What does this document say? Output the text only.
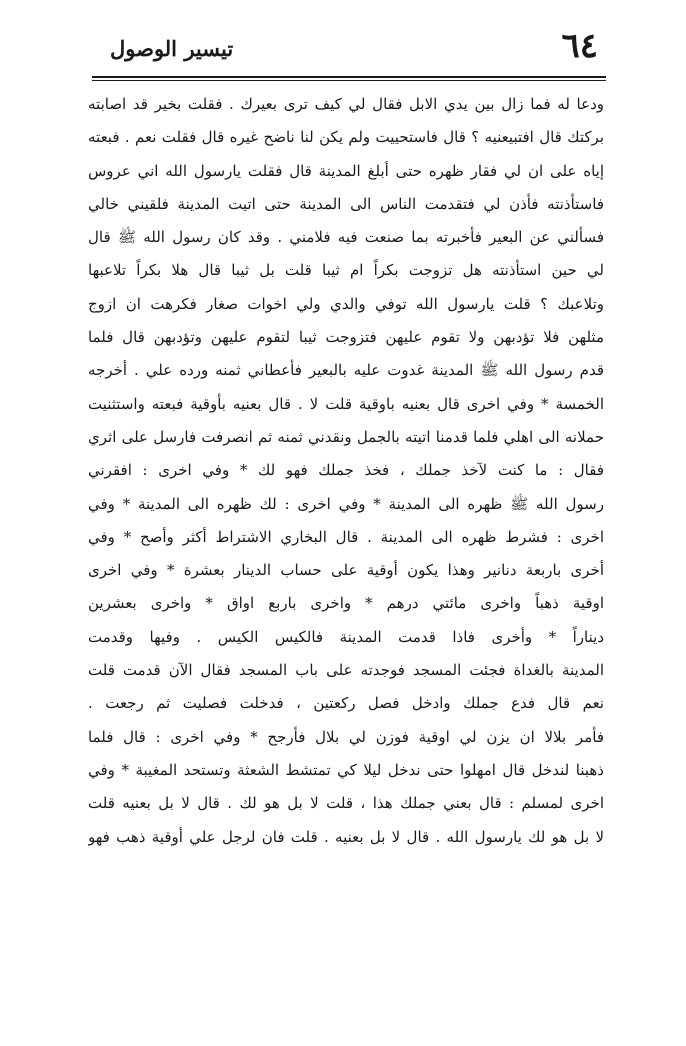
تيسير الوصول	٦٤
ودعا له فما زال بين يدي الابل فقال لي كيف ترى بعيرك . فقلت بخير قد اصابته
بركتك قال افتبيعنيه ؟ قال فاستحييت ولم يكن لنا ناضح غيره قال فقلت نعم . فبعته
إياه على ان لي فقار ظهره حتى أبلغ المدينة قال فقلت يارسول الله اني عروس
فاستأذنته فأذن لي فتقدمت الناس الى المدينة حتى اتيت المدينة فلقيني خالي
فسألني عن البعير فأخبرته بما صنعت فيه فلامني . وقد كان رسول الله ﷺ قال
لي حين استأذنته هل تزوجت بكراً ام ثيبا قلت بل ثيبا قال هلا بكراً تلاعبها
وتلاعبك ؟ قلت يارسول الله توفي والدي ولي اخوات صغار فكرهت ان ازوج
مثلهن فلا تؤدبهن ولا تقوم عليهن فتزوجت ثيبا لتقوم عليهن وتؤدبهن قال فلما
قدم رسول الله ﷺ المدينة غدوت عليه بالبعير فأعطاني ثمنه ورده علي . أخرجه
الخمسة * وفي اخرى قال بعنيه باوقية قلت لا . قال بعنيه بأوقية فبعته واستثنيت
حملانه الى اهلي فلما قدمنا اتيته بالجمل ونقدني ثمنه ثم انصرفت فارسل على اثري
فقال : ما كنت لآخذ جملك ، فخذ جملك فهو لك * وفي اخرى : افقرني
رسول الله ﷺ ظهره الى المدينة * وفي اخرى : لك ظهره الى المدينة * وفي
اخرى : فشرط ظهره الى المدينة . قال البخاري الاشتراط أكثر وأصح * وفي
أخرى باربعة دنانير وهذا يكون أوقية على حساب الدينار بعشرة * وفي اخرى
اوقية ذهباً واخرى مائتي درهم * واخرى باربع اواق * واخرى بعشرين
ديناراً * وأخرى فاذا قدمت المدينة فالكيس الكيس . وفيها وقدمت
المدينة بالغداة فجئت المسجد فوجدته على باب المسجد فقال الآن قدمت قلت
نعم قال فدع جملك وادخل فصل ركعتين ، فدخلت فصليت ثم رجعت .
فأمر بلالا ان يزن لي اوقية فوزن لي بلال فأرجح * وفي اخرى : قال فلما
ذهبنا لندخل قال امهلوا حتى ندخل ليلا كي تمتشط الشعثة وتستحد المغيبة * وفي
اخرى لمسلم : قال بعني جملك هذا ، قلت لا بل هو لك . قال لا بل بعنيه قلت
لا بل هو لك يارسول الله . قال لا بل بعنيه . قلت فان لرجل علي أوقية ذهب فهو
